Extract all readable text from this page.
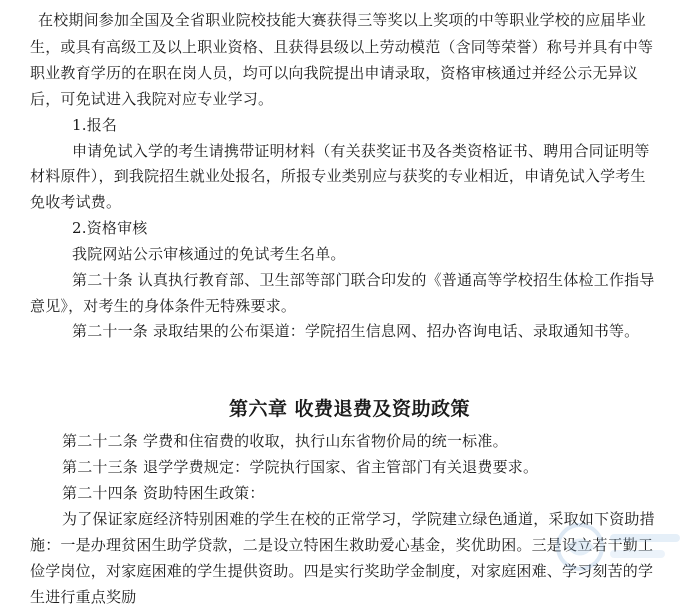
在校期间参加全国及全省职业院校技能大赛获得三等奖以上奖项的中等职业学校的应届毕业
生，或具有高级工及以上职业资格、且获得县级以上劳动模范（含同等荣誉）称号并具有中等
职业教育学历的在职在岗人员，均可以向我院提出申请录取，资格审核通过并经公示无异议
后，可免试进入我院对应专业学习。
1.报名
申请免试入学的考生请携带证明材料（有关获奖证书及各类资格证书、聘用合同证明等
材料原件），到我院招生就业处报名，所报专业类别应与获奖的专业相近，申请免试入学考生
免收考试费。
2.资格审核
我院网站公示审核通过的免试考生名单。
第二十条 认真执行教育部、卫生部等部门联合印发的《普通高等学校招生体检工作指导
意见》，对考生的身体条件无特殊要求。
第二十一条 录取结果的公布渠道：学院招生信息网、招办咨询电话、录取通知书等。
第六章 收费退费及资助政策
第二十二条 学费和住宿费的收取，执行山东省物价局的统一标准。
第二十三条 退学学费规定：学院执行国家、省主管部门有关退费要求。
第二十四条 资助特困生政策：
为了保证家庭经济特别困难的学生在校的正常学习，学院建立绿色通道，采取如下资助措
施：一是办理贫困生助学贷款，二是设立特困生救助爱心基金，奖优助困。三是设立若干勤工
俭学岗位，对家庭困难的学生提供资助。四是实行奖助学金制度，对家庭困难、学习刻苦的学
生进行重点奖励
